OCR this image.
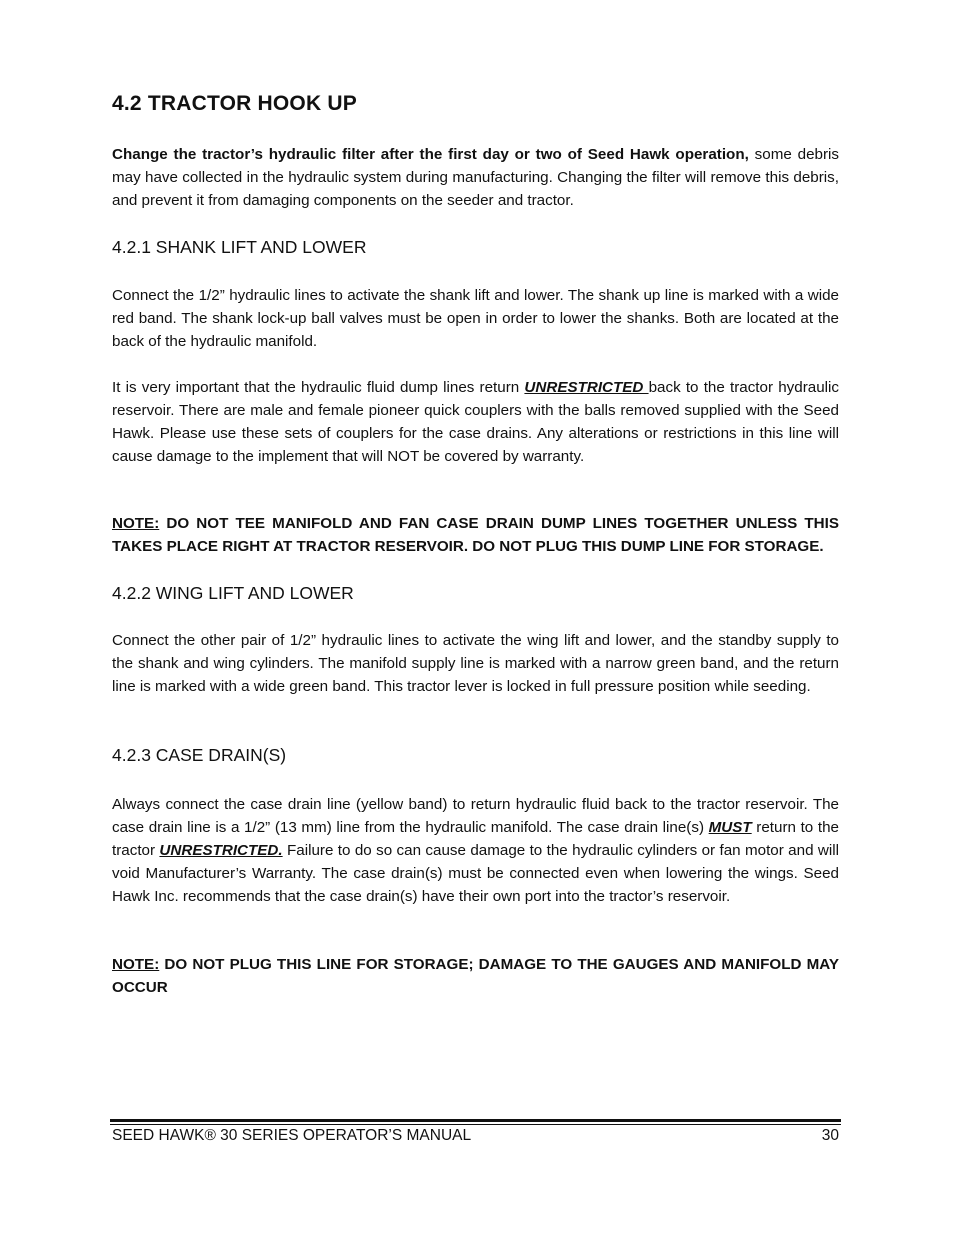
4.2 TRACTOR HOOK UP

Change the tractor’s hydraulic filter after the first day or two of Seed Hawk operation, some debris may have collected in the hydraulic system during manufacturing. Changing the filter will remove this debris, and prevent it from damaging components on the seeder and tractor.

4.2.1 SHANK LIFT AND LOWER

Connect the 1/2” hydraulic lines to activate the shank lift and lower. The shank up line is marked with a wide red band. The shank lock-up ball valves must be open in order to lower the shanks. Both are located at the back of the hydraulic manifold.

It is very important that the hydraulic fluid dump lines return UNRESTRICTED back to the tractor hydraulic reservoir. There are male and female pioneer quick couplers with the balls removed supplied with the Seed Hawk. Please use these sets of couplers for the case drains. Any alterations or restrictions in this line will cause damage to the implement that will NOT be covered by warranty.

NOTE: DO NOT TEE MANIFOLD AND FAN CASE DRAIN DUMP LINES TOGETHER UNLESS THIS TAKES PLACE RIGHT AT TRACTOR RESERVOIR. DO NOT PLUG THIS DUMP LINE FOR STORAGE.

4.2.2 WING LIFT AND LOWER

Connect the other pair of 1/2” hydraulic lines to activate the wing lift and lower, and the standby supply to the shank and wing cylinders. The manifold supply line is marked with a narrow green band, and the return line is marked with a wide green band. This tractor lever is locked in full pressure position while seeding.

4.2.3 CASE DRAIN(S)

Always connect the case drain line (yellow band) to return hydraulic fluid back to the tractor reservoir. The case drain line is a 1/2” (13 mm) line from the hydraulic manifold. The case drain line(s) MUST return to the tractor UNRESTRICTED. Failure to do so can cause damage to the hydraulic cylinders or fan motor and will void Manufacturer’s Warranty. The case drain(s) must be connected even when lowering the wings. Seed Hawk Inc. recommends that the case drain(s) have their own port into the tractor’s reservoir.

NOTE: DO NOT PLUG THIS LINE FOR STORAGE; DAMAGE TO THE GAUGES AND MANIFOLD MAY OCCUR

SEED HAWK® 30 SERIES OPERATOR’S MANUAL	30
